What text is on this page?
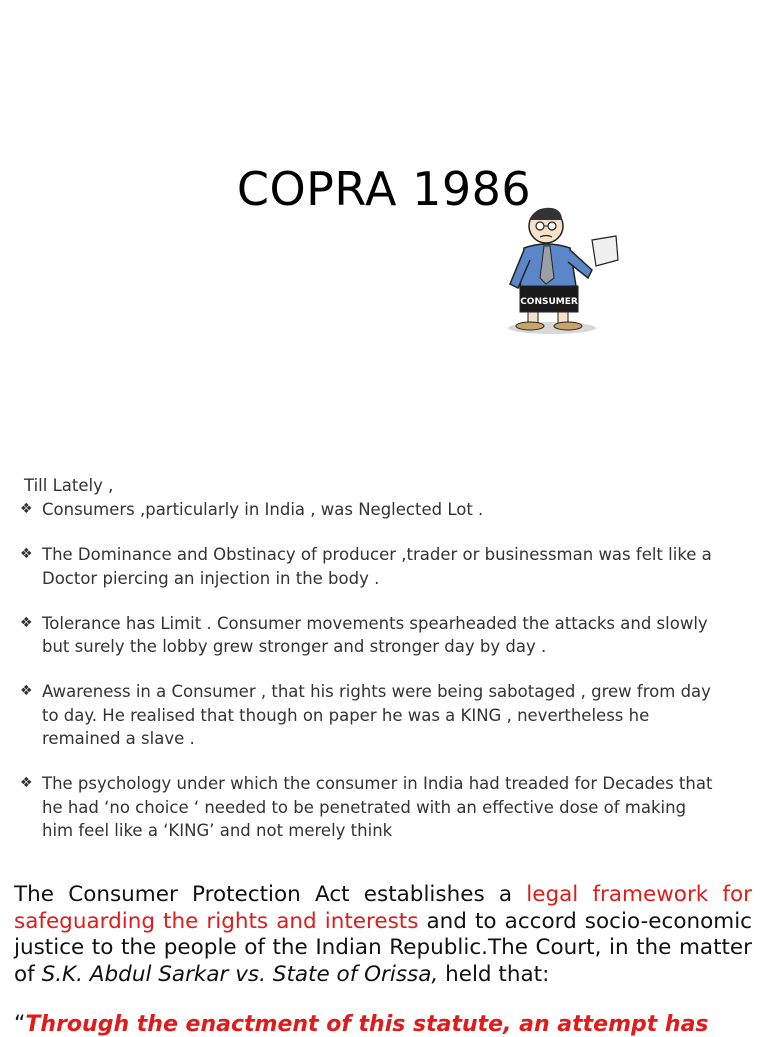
COPRA 1986
CONSUMER
Till Lately ,
❖ Consumers ,particularly in India , was Neglected Lot .
❖ The Dominance and Obstinacy of producer ,trader or businessman was felt like a Doctor piercing an injection in the body .
❖ Tolerance has Limit . Consumer movements spearheaded the attacks and slowly but surely the lobby grew stronger and stronger day by day .
❖ Awareness in a Consumer , that his rights were being sabotaged , grew from day to day. He realised that though on paper he was a KING , nevertheless he remained a slave .
❖ The psychology under which the consumer in India had treaded for Decades that he had ‘no choice ‘ needed to be penetrated with an effective dose of making him feel like a ‘KING’ and not merely think
The Consumer Protection Act establishes a legal framework for safeguarding the rights and interests and to accord socio-economic justice to the people of the Indian Republic.The Court, in the matter of S.K. Abdul Sarkar vs. State of Orissa, held that:
“Through the enactment of this statute, an attempt has
